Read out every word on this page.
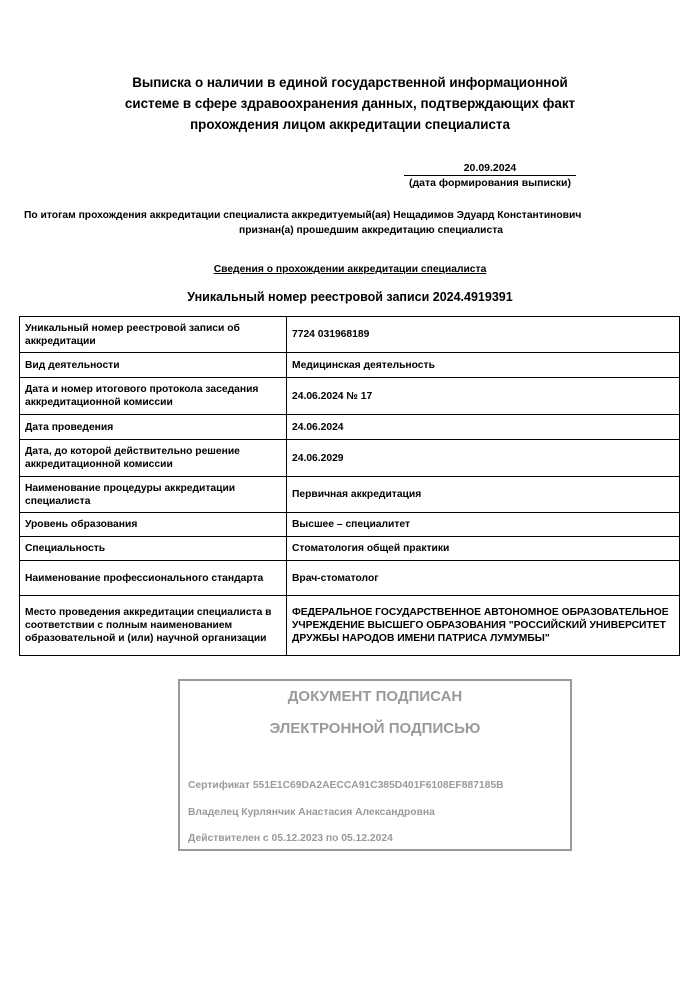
Выписка о наличии в единой государственной информационной
системе в сфере здравоохранения данных, подтверждающих факт
прохождения лицом аккредитации специалиста
20.09.2024
(дата формирования выписки)
По итогам прохождения аккредитации специалиста аккредитуемый(ая) Нещадимов Эдуард Константинович
признан(а) прошедшим аккредитацию специалиста
Сведения о прохождении аккредитации специалиста
Уникальный номер реестровой записи 2024.4919391
Уникальный номер реестровой записи об аккредитации	7724 031968189
Вид деятельности	Медицинская деятельность
Дата и номер итогового протокола заседания аккредитационной комиссии	24.06.2024 № 17
Дата проведения	24.06.2024
Дата, до которой действительно решение аккредитационной комиссии	24.06.2029
Наименование процедуры аккредитации специалиста	Первичная аккредитация
Уровень образования	Высшее – специалитет
Специальность	Стоматология общей практики
Наименование профессионального стандарта	Врач-стоматолог
Место проведения аккредитации специалиста в соответствии с полным наименованием образовательной и (или) научной организации	ФЕДЕРАЛЬНОЕ ГОСУДАРСТВЕННОЕ АВТОНОМНОЕ ОБРАЗОВАТЕЛЬНОЕ УЧРЕЖДЕНИЕ ВЫСШЕГО ОБРАЗОВАНИЯ "РОССИЙСКИЙ УНИВЕРСИТЕТ ДРУЖБЫ НАРОДОВ ИМЕНИ ПАТРИСА ЛУМУМБЫ"
ДОКУМЕНТ ПОДПИСАН
ЭЛЕКТРОННОЙ ПОДПИСЬЮ
Сертификат 551E1C69DA2AECCA91C385D401F6108EF887185B
Владелец Курлянчик Анастасия Александровна
Действителен с 05.12.2023 по 05.12.2024
